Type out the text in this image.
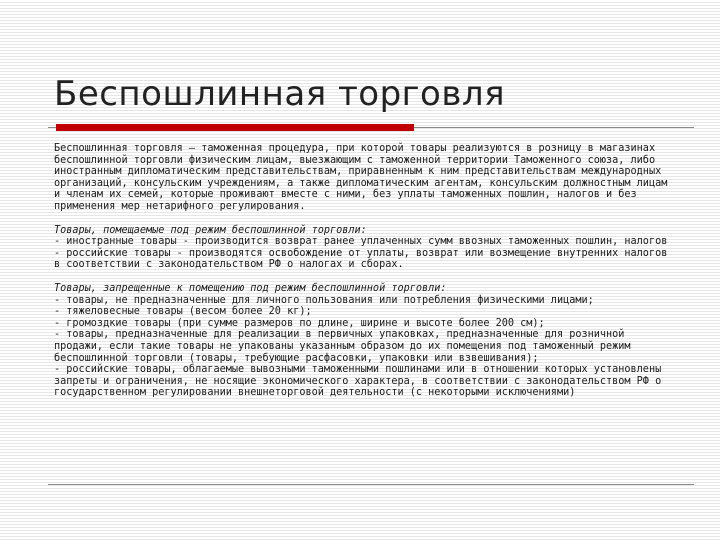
Беспошлинная торговля

Беспошлинная торговля – таможенная процедура, при которой товары реализуются в розницу в магазинах беспошлинной торговли физическим лицам, выезжающим с таможенной территории Таможенного союза, либо иностранным дипломатическим представительствам, приравненным к ним представительствам международных организаций, консульским учреждениям, а также дипломатическим агентам, консульским должностным лицам и членам их семей, которые проживают вместе с ними, без уплаты таможенных пошлин, налогов и без применения мер нетарифного регулирования.

Товары, помещаемые под режим беспошлинной торговли:
- иностранные товары - производится возврат ранее уплаченных сумм ввозных таможенных пошлин, налогов
- российские товары - производятся освобождение от уплаты, возврат или возмещение внутренних налогов в соответствии с законодательством РФ о налогах и сборах.

Товары, запрещенные к помещению под режим беспошлинной торговли:
- товары, не предназначенные для личного пользования или потребления физическими лицами;
- тяжеловесные товары (весом более 20 кг);
- громоздкие товары (при сумме размеров по длине, ширине и высоте более 200 см);
- товары, предназначенные для реализации в первичных упаковках, предназначенные для розничной продажи, если такие товары не упакованы указанным образом до их помещения под таможенный режим беспошлинной торговли (товары, требующие расфасовки, упаковки или взвешивания);
- российские товары, облагаемые вывозными таможенными пошлинами или в отношении которых установлены запреты и ограничения, не носящие экономического характера, в соответствии с законодательством РФ о государственном регулировании внешнеторговой деятельности (с некоторыми исключениями)
